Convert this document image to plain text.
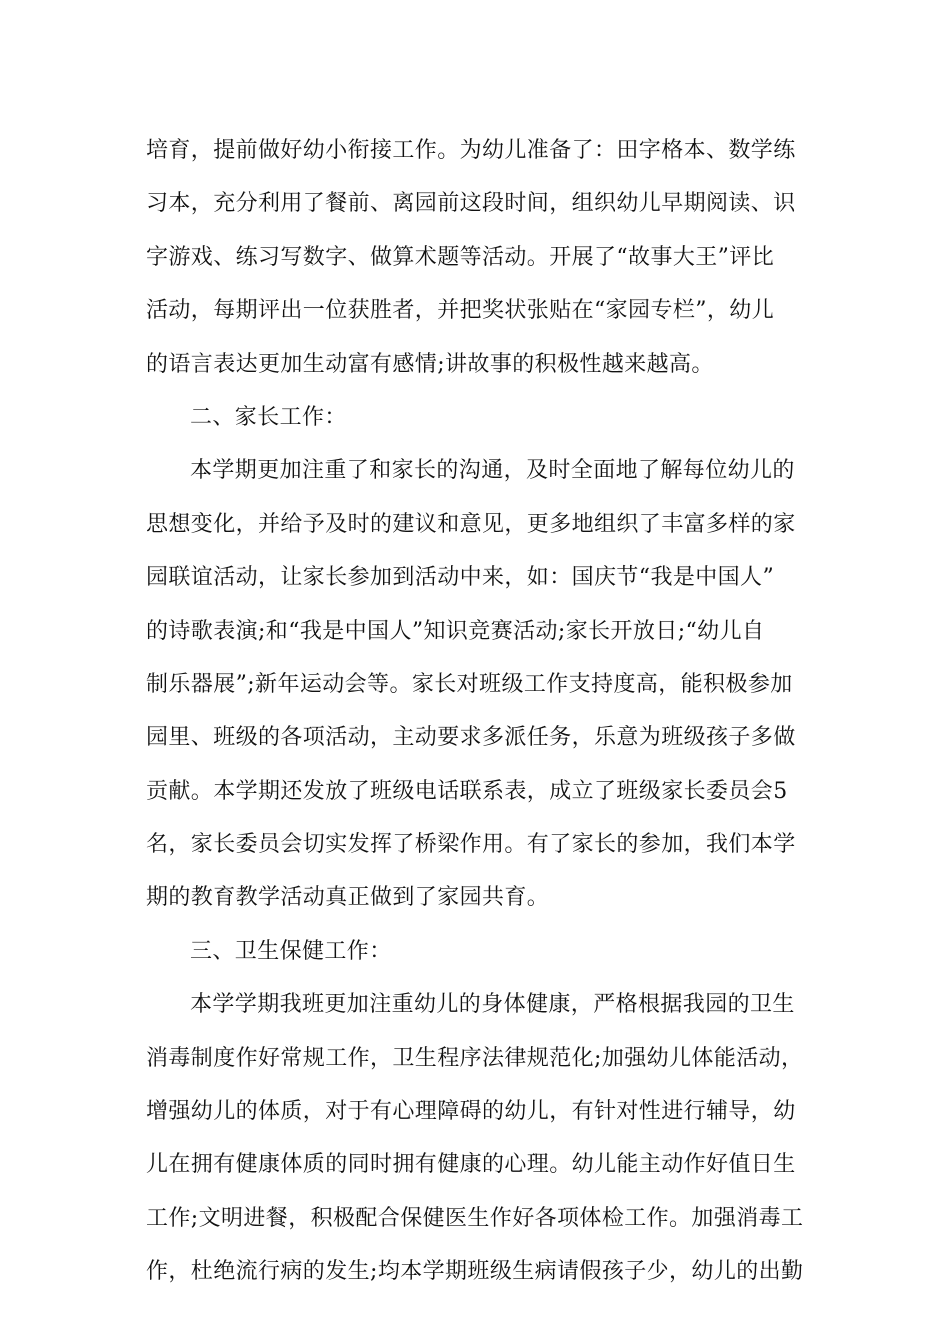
培育，提前做好幼小衔接工作。为幼儿准备了：田字格本、数学练
习本，充分利用了餐前、离园前这段时间，组织幼儿早期阅读、识
字游戏、练习写数字、做算术题等活动。开展了“故事大王”评比
活动，每期评出一位获胜者，并把奖状张贴在“家园专栏”，幼儿
的语言表达更加生动富有感情;讲故事的积极性越来越高。
二、家长工作：
本学期更加注重了和家长的沟通，及时全面地了解每位幼儿的
思想变化，并给予及时的建议和意见，更多地组织了丰富多样的家
园联谊活动，让家长参加到活动中来，如：国庆节“我是中国人”
的诗歌表演;和“我是中国人”知识竞赛活动;家长开放日;“幼儿自
制乐器展”;新年运动会等。家长对班级工作支持度高，能积极参加
园里、班级的各项活动，主动要求多派任务，乐意为班级孩子多做
贡献。本学期还发放了班级电话联系表，成立了班级家长委员会5
名，家长委员会切实发挥了桥梁作用。有了家长的参加，我们本学
期的教育教学活动真正做到了家园共育。
三、卫生保健工作：
本学学期我班更加注重幼儿的身体健康，严格根据我园的卫生
消毒制度作好常规工作，卫生程序法律规范化;加强幼儿体能活动，
增强幼儿的体质，对于有心理障碍的幼儿，有针对性进行辅导，幼
儿在拥有健康体质的同时拥有健康的心理。幼儿能主动作好值日生
工作;文明进餐，积极配合保健医生作好各项体检工作。加强消毒工
作，杜绝流行病的发生;均本学期班级生病请假孩子少，幼儿的出勤
